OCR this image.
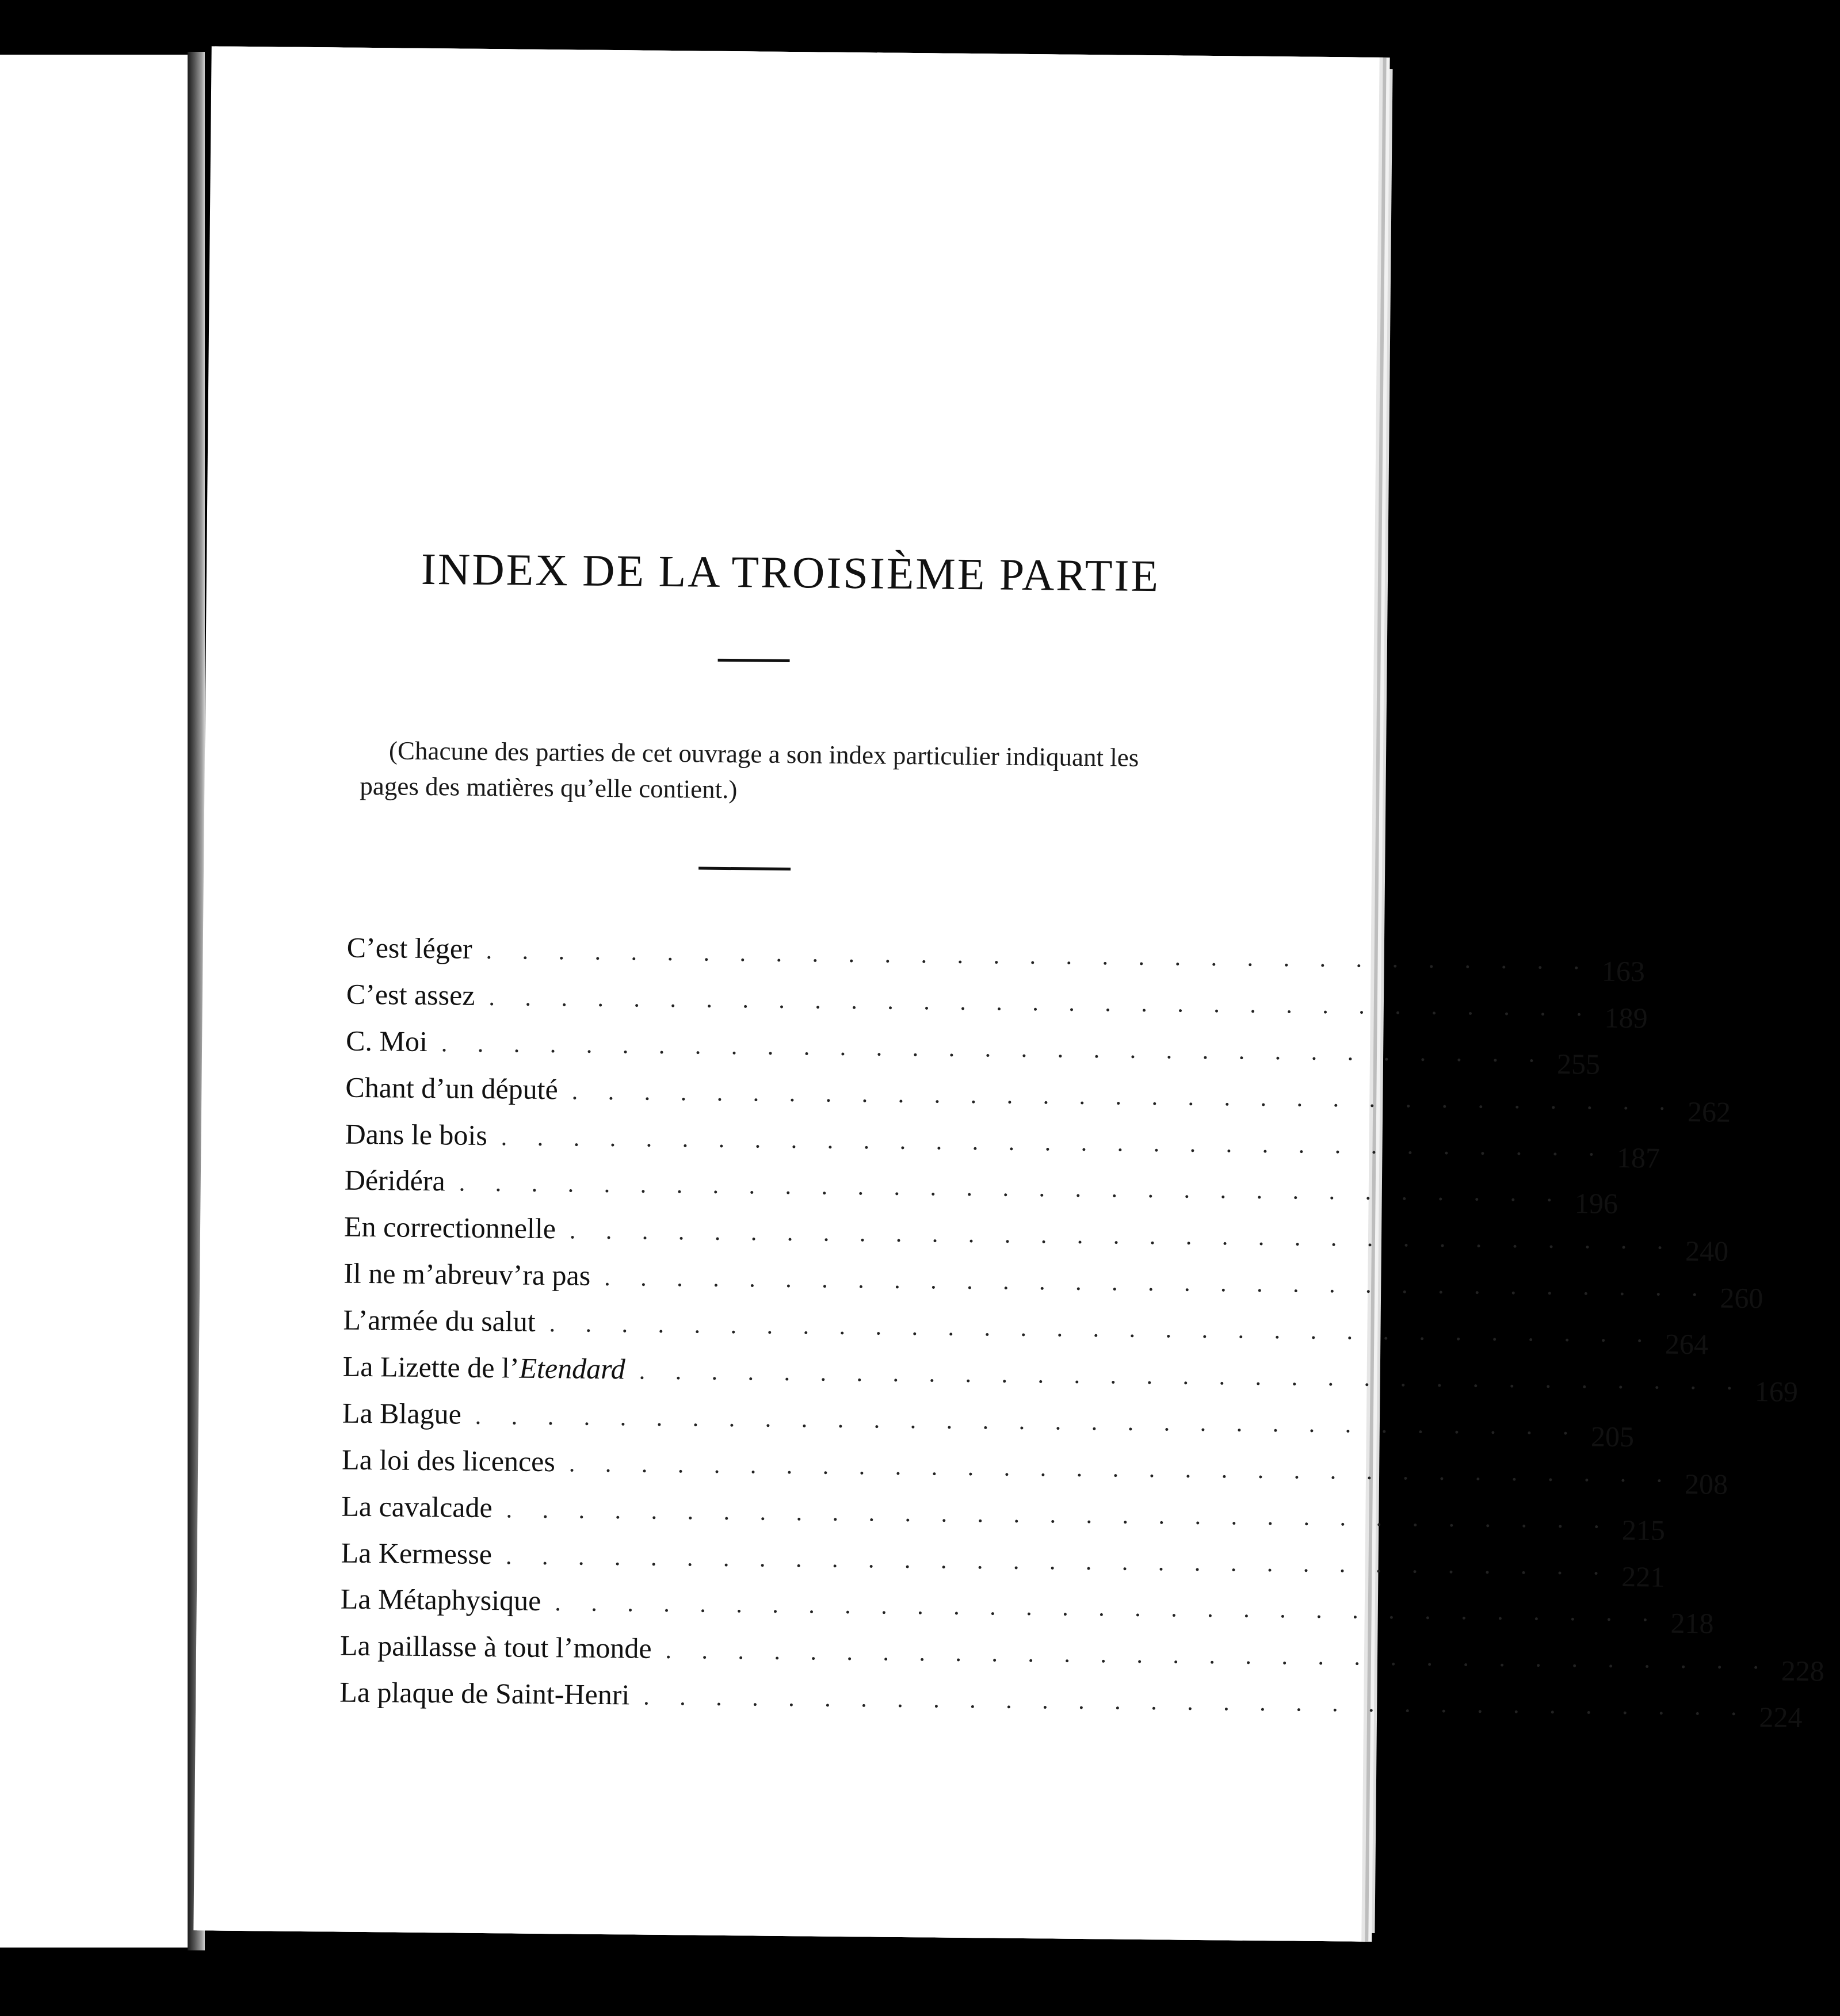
INDEX DE LA TROISIÈME PARTIE

(Chacune des parties de cet ouvrage a son index particulier indiquant les pages des matières qu’elle contient.)

C’est léger . . . . . . . . . . . . . . . . . . . . . . . . . . . . . . . 163
C’est assez . . . . . . . . . . . . . . . . . . . . . . . . . . . . . . . 189
C. Moi . . . . . . . . . . . . . . . . . . . . . . . . . . . . . . . 255
Chant d’un député . . . . . . . . . . . . . . . . . . . . . . . . . . . . . . . 262
Dans le bois . . . . . . . . . . . . . . . . . . . . . . . . . . . . . . . 187
Déridéra . . . . . . . . . . . . . . . . . . . . . . . . . . . . . . . 196
En correctionnelle . . . . . . . . . . . . . . . . . . . . . . . . . . . . . . . 240
Il ne m’abreuv’ra pas . . . . . . . . . . . . . . . . . . . . . . . . . . . . . . . 260
L’armée du salut . . . . . . . . . . . . . . . . . . . . . . . . . . . . . . . 264
La Lizette de l’Etendard . . . . . . . . . . . . . . . . . . . . . . . . . . . . . . . 169
La Blague . . . . . . . . . . . . . . . . . . . . . . . . . . . . . . . 205
La loi des licences . . . . . . . . . . . . . . . . . . . . . . . . . . . . . . . 208
La cavalcade . . . . . . . . . . . . . . . . . . . . . . . . . . . . . . . 215
La Kermesse . . . . . . . . . . . . . . . . . . . . . . . . . . . . . . . 221
La Métaphysique . . . . . . . . . . . . . . . . . . . . . . . . . . . . . . . 218
La paillasse à tout l’monde . . . . . . . . . . . . . . . . . . . . . . . . . . . . . . . 228
La plaque de Saint-Henri . . . . . . . . . . . . . . . . . . . . . . . . . . . . . . . 224
